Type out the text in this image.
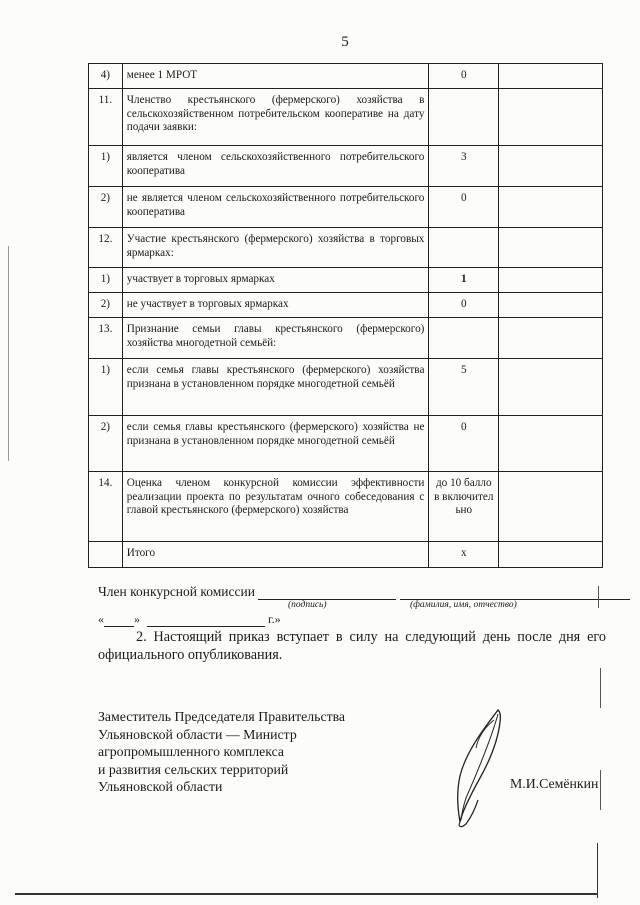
5
4)	менее 1 МРОТ	0	
11.	Членство крестьянского (фермерского) хозяйства в сельскохозяйственном потребительском кооперативе на дату подачи заявки:		
1)	является членом сельскохозяйственного потребительского кооператива	3	
2)	не является членом сельскохозяйственного потребительского кооператива	0	
12.	Участие крестьянского (фермерского) хозяйства в торговых ярмарках:		
1)	участвует в торговых ярмарках	1	
2)	не участвует в торговых ярмарках	0	
13.	Признание семьи главы крестьянского (фермерского) хозяйства многодетной семьёй:		
1)	если семья главы крестьянского (фермерского) хозяйства признана в установленном порядке многодетной семьёй	5	
2)	если семья главы крестьянского (фермерского) хозяйства не признана в установленном порядке многодетной семьёй	0	
14.	Оценка членом конкурсной комиссии эффективности реализации проекта по результатам очного собеседования с главой крестьянского (фермерского) хозяйства	до 10 баллов включительно	
	Итого	x	
Член конкурсной комиссии
(подпись)	(фамилия, имя, отчество)
«	»	г.»
2. Настоящий приказ вступает в силу на следующий день после дня его официального опубликования.
Заместитель Председателя Правительства
Ульяновской области — Министр
агропромышленного комплекса
и развития сельских территорий
Ульяновской области	М.И.Семёнкин
